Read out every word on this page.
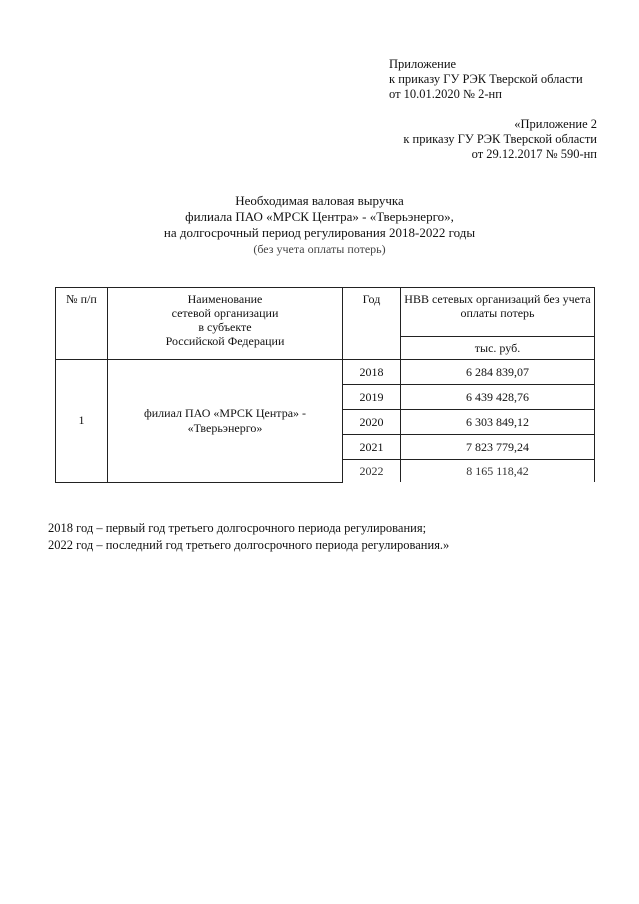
Приложение
к приказу ГУ РЭК Тверской области
от 10.01.2020 № 2-нп
«Приложение 2
к приказу ГУ РЭК Тверской области
от 29.12.2017 № 590-нп
Необходимая валовая выручка
филиала ПАО «МРСК Центра» - «Тверьэнерго»,
на долгосрочный период регулирования 2018-2022 годы
(без учета оплаты потерь)
№ п/п	Наименование
сетевой организации
в субъекте
Российской Федерации	Год	НВВ сетевых организаций без учета оплаты потерь
			тыс. руб.
1	филиал ПАО «МРСК Центра» - «Тверьэнерго»	2018	6 284 839,07
		2019	6 439 428,76
		2020	6 303 849,12
		2021	7 823 779,24
		2022	8 165 118,42
2018 год – первый год третьего долгосрочного периода регулирования;
2022 год – последний год третьего долгосрочного периода регулирования.»
